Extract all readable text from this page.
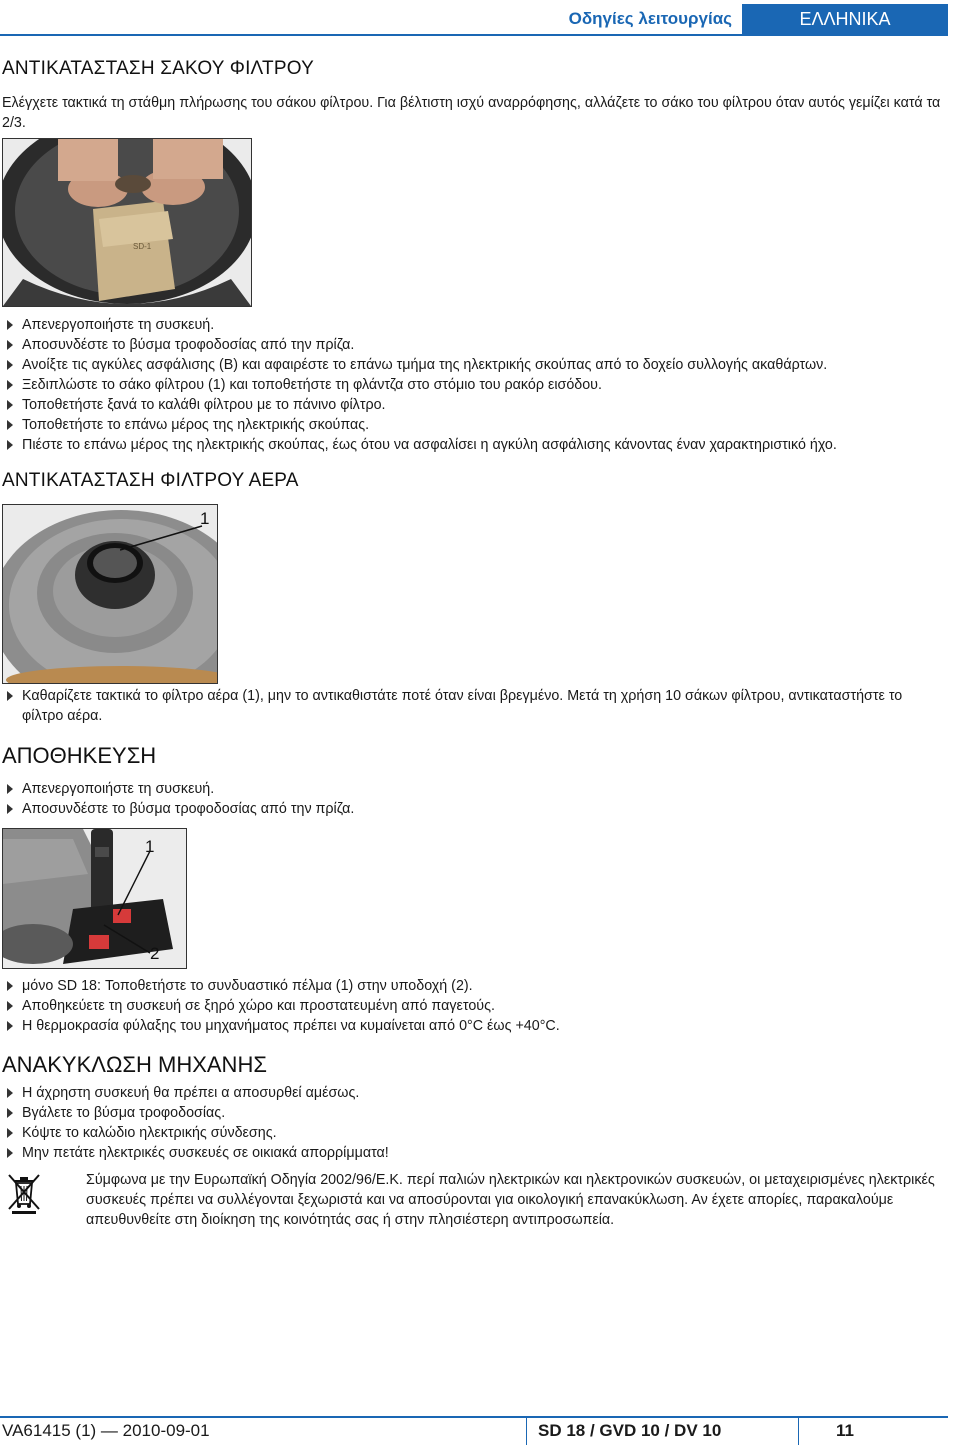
Οδηγίες λειτουργίας	ΕΛΛΗΝΙΚΑ
ΑΝΤΙΚΑΤΑΣΤΑΣΗ ΣΑΚΟΥ ΦΙΛΤΡΟΥ
Ελέγχετε τακτικά τη στάθμη πλήρωσης του σάκου φίλτρου. Για βέλτιστη ισχύ αναρρόφησης, αλλάζετε το σάκο του φίλτρου όταν αυτός γεμίζει κατά τα 2/3.
SD-1
Απενεργοποιήστε τη συσκευή.
Αποσυνδέστε το βύσμα τροφοδοσίας από την πρίζα.
Ανοίξτε τις αγκύλες ασφάλισης (B) και αφαιρέστε το επάνω τμήμα της ηλεκτρικής σκούπας από το δοχείο συλλογής ακαθάρτων.
Ξεδιπλώστε το σάκο φίλτρου (1) και τοποθετήστε τη φλάντζα στο στόμιο του ρακόρ εισόδου.
Τοποθετήστε ξανά το καλάθι φίλτρου με το πάνινο φίλτρο.
Τοποθετήστε το επάνω μέρος της ηλεκτρικής σκούπας.
Πιέστε το επάνω μέρος της ηλεκτρικής σκούπας, έως ότου να ασφαλίσει η αγκύλη ασφάλισης κάνοντας έναν χαρακτηριστικό ήχο.
ΑΝΤΙΚΑΤΑΣΤΑΣΗ ΦΙΛΤΡΟΥ ΑΕΡΑ
1
Καθαρίζετε τακτικά το φίλτρο αέρα (1), μην το αντικαθιστάτε ποτέ όταν είναι βρεγμένο. Μετά τη χρήση 10 σάκων φίλτρου, αντικαταστήστε το φίλτρο αέρα.
ΑΠΟΘΗΚΕΥΣΗ
Απενεργοποιήστε τη συσκευή.
Αποσυνδέστε το βύσμα τροφοδοσίας από την πρίζα.
1
2
μόνο SD 18: Τοποθετήστε το συνδυαστικό πέλμα (1) στην υποδοχή (2).
Αποθηκεύετε τη συσκευή σε ξηρό χώρο και προστατευμένη από παγετούς.
Η θερμοκρασία φύλαξης του μηχανήματος πρέπει να κυμαίνεται από 0°C έως +40°C.
ΑΝΑΚΥΚΛΩΣΗ ΜΗΧΑΝΗΣ
Η άχρηστη συσκευή θα πρέπει α αποσυρθεί αμέσως.
Βγάλετε το βύσμα τροφοδοσίας.
Κόψτε το καλώδιο ηλεκτρικής σύνδεσης.
Μην πετάτε ηλεκτρικές συσκευές σε οικιακά απορρίμματα!
Σύμφωνα με την Ευρωπαϊκή Οδηγία 2002/96/Ε.Κ. περί παλιών ηλεκτρικών και ηλεκτρονικών συσκευών, οι μεταχειρισμένες ηλεκτρικές συσκευές πρέπει να συλλέγονται ξεχωριστά και να αποσύρονται για οικολογική επανακύκλωση. Αν έχετε απορίες, παρακαλούμε απευθυνθείτε στη διοίκηση της κοινότητάς σας ή στην πλησιέστερη αντιπροσωπεία.
VA61415 (1) — 2010-09-01	SD 18 / GVD 10 / DV 10	11
